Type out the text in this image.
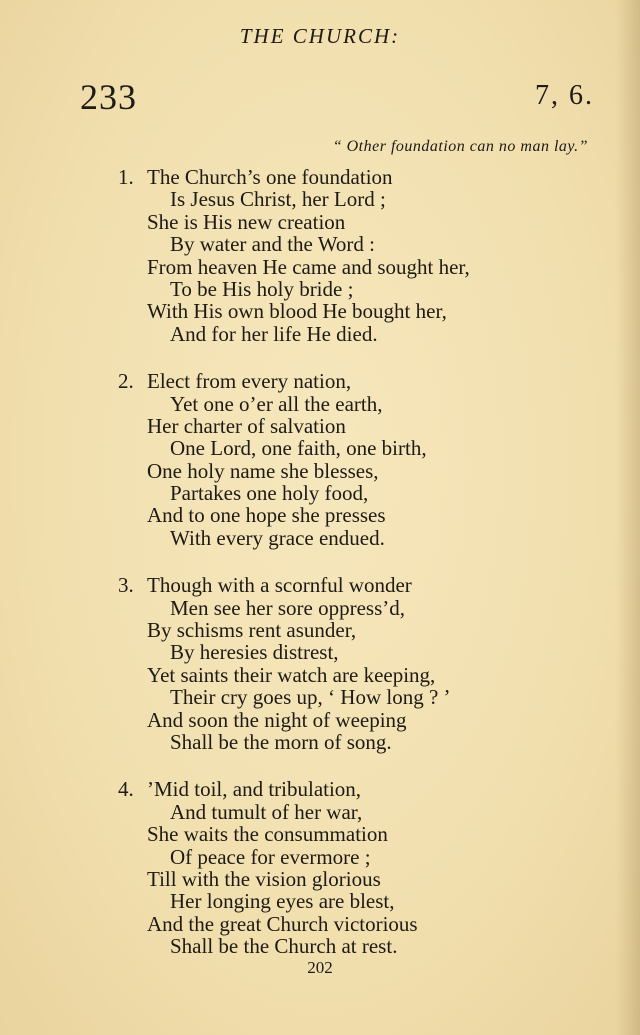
THE CHURCH:
233	7, 6.
“ Other foundation can no man lay.”
1. The Church’s one foundation
Is Jesus Christ, her Lord ;
She is His new creation
By water and the Word :
From heaven He came and sought her,
To be His holy bride ;
With His own blood He bought her,
And for her life He died.
2. Elect from every nation,
Yet one o’er all the earth,
Her charter of salvation
One Lord, one faith, one birth,
One holy name she blesses,
Partakes one holy food,
And to one hope she presses
With every grace endued.
3. Though with a scornful wonder
Men see her sore oppress’d,
By schisms rent asunder,
By heresies distrest,
Yet saints their watch are keeping,
Their cry goes up, ‘ How long ? ’
And soon the night of weeping
Shall be the morn of song.
4. ’Mid toil, and tribulation,
And tumult of her war,
She waits the consummation
Of peace for evermore ;
Till with the vision glorious
Her longing eyes are blest,
And the great Church victorious
Shall be the Church at rest.
202
